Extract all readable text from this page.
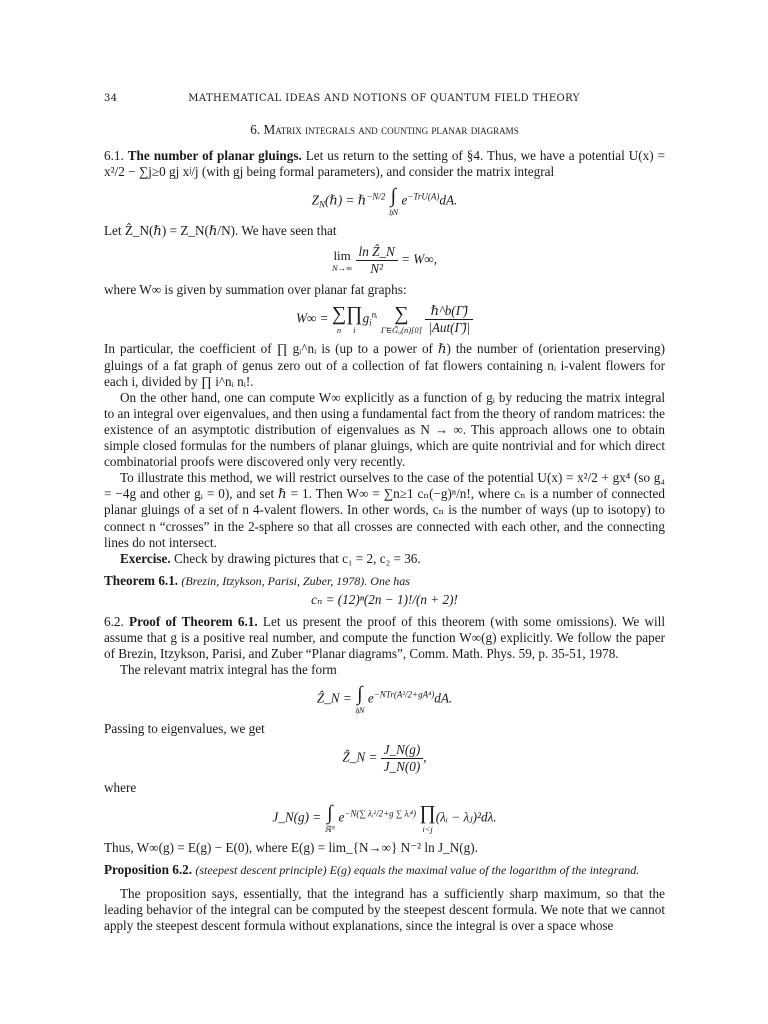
34	MATHEMATICAL IDEAS AND NOTIONS OF QUANTUM FIELD THEORY
6. Matrix integrals and counting planar diagrams

6.1. The number of planar gluings. Let us return to the setting of §4. Thus, we have a potential U(x) = x²/2 − ∑j≥0 gj xʲ/j (with gj being formal parameters), and consider the matrix integral

$Z_N(\hbar)$ = ℏ$^{-N/2}$ ∫
𝔥N
$e^{-TrU(A)}dA$.

Let Ẑ_N(ℏ) = Z_N(ℏ/N). We have seen that

lim
N→∞
$\frac{\text{ln Ẑ\_N}}{\text{N²}} = W\infty$,

where W∞ is given by summation over planar fat graphs:

W∞ = ∑
n
∏
i
$g_i^{nᵢ}$ ∑
Γ̃∈G̃₀(n)[0]
$\frac{\text{ℏ\textasciicircum{}b(Γ̃)}}{\text{|Aut(Γ̃)|}}$

In particular, the coefficient of ∏ gᵢ^nᵢ is (up to a power of ℏ) the number of (orientation preserving) gluings of a fat graph of genus zero out of a collection of fat flowers containing nᵢ i-valent flowers for each i, divided by ∏ i^nᵢ nᵢ!.

On the other hand, one can compute W∞ explicitly as a function of gᵢ by reducing the matrix integral to an integral over eigenvalues, and then using a fundamental fact from the theory of random matrices: the existence of an asymptotic distribution of eigenvalues as N → ∞. This approach allows one to obtain simple closed formulas for the numbers of planar gluings, which are quite nontrivial and for which direct combinatorial proofs were discovered only very recently.

To illustrate this method, we will restrict ourselves to the case of the potential U(x) = x²/2 + gx⁴ (so g₄ = −4g and other gᵢ = 0), and set ℏ = 1. Then W∞ = ∑n≥1 cₙ(−g)ⁿ/n!, where cₙ is a number of connected planar gluings of a set of n 4-valent flowers. In other words, cₙ is the number of ways (up to isotopy) to connect n “crosses” in the 2-sphere so that all crosses are connected with each other, and the connecting lines do not intersect.

Exercise. Check by drawing pictures that c₁ = 2, c₂ = 36.

Theorem 6.1. (Brezin, Itzykson, Parisi, Zuber, 1978). One has

cₙ = (12)ⁿ(2n − 1)!/(n + 2)!

6.2. Proof of Theorem 6.1. Let us present the proof of this theorem (with some omissions). We will assume that g is a positive real number, and compute the function W∞(g) explicitly. We follow the paper of Brezin, Itzykson, Parisi, and Zuber “Planar diagrams”, Comm. Math. Phys. 59, p. 35-51, 1978.

The relevant matrix integral has the form

Ẑ_N = ∫
𝔥N
$e^{-NTr(A^2/2+gA^4)}dA$.

Passing to eigenvalues, we get

Ẑ_N = $\frac{J\_N(g)}{J\_N(0)}$ ,

where

J_N(g) = ∫
ℝᴺ
$e^{-N(\sum \lambda ᵢ^2/2+g \sum \lambda ᵢ^4)}$ ∏
i<j
(λᵢ − λⱼ)²dλ.

Thus, W∞(g) = E(g) − E(0), where E(g) = lim_{N→∞} N⁻² ln J_N(g).

Proposition 6.2. (steepest descent principle) E(g) equals the maximal value of the logarithm of the integrand.

The proposition says, essentially, that the integrand has a sufficiently sharp maximum, so that the leading behavior of the integral can be computed by the steepest descent formula. We note that we cannot apply the steepest descent formula without explanations, since the integral is over a space whose
